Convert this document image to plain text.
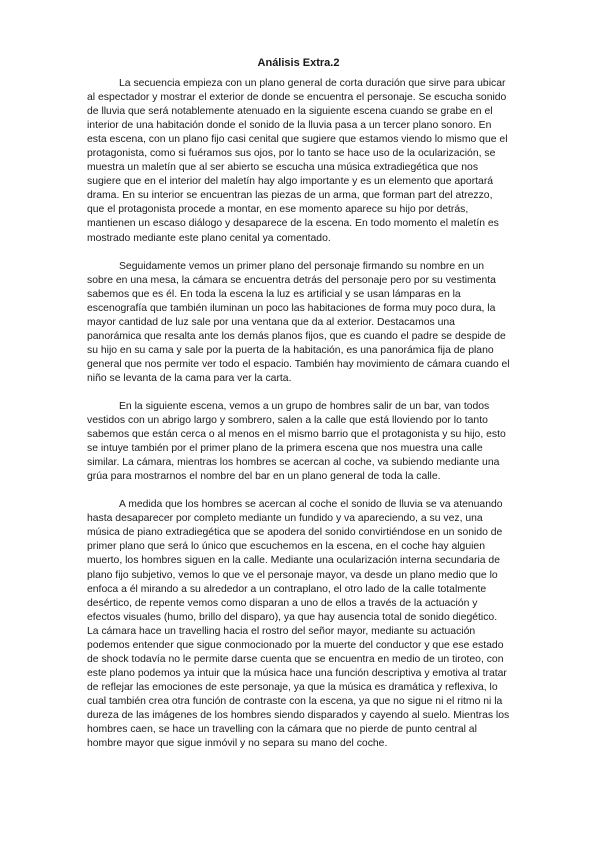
Análisis Extra.2
La secuencia empieza con un plano general de corta duración que sirve para ubicar al espectador y mostrar el exterior de donde se encuentra el personaje. Se escucha sonido de lluvia que será notablemente atenuado en la siguiente escena cuando se grabe en el interior de una habitación donde el sonido de la lluvia pasa a un tercer plano sonoro. En esta escena, con un plano fijo casi cenital que sugiere que estamos viendo lo mismo que el protagonista, como si fuéramos sus ojos, por lo tanto se hace uso de la ocularización, se muestra un maletín que al ser abierto se escucha una música extradiegética que nos sugiere que en el interior del maletín hay algo importante y es un elemento que aportará drama. En su interior se encuentran las piezas de un arma, que forman part del atrezzo, que el protagonista procede a montar, en ese momento aparece su hijo por detrás, mantienen un escaso diálogo y desaparece de la escena. En todo momento el maletín es mostrado mediante este plano cenital ya comentado.
Seguidamente vemos un primer plano del personaje firmando su nombre en un sobre en una mesa, la cámara se encuentra detrás del personaje pero por su vestimenta sabemos que es él. En toda la escena la luz es artificial y se usan lámparas en la escenografía que también iluminan un poco las habitaciones de forma muy poco dura, la mayor cantidad de luz sale por una ventana que da al exterior. Destacamos una panorámica que resalta ante los demás planos fijos, que es cuando el padre se despide de su hijo en su cama y sale por la puerta de la habitación, es una panorámica fija de plano general que nos permite ver todo el espacio. También hay movimiento de cámara cuando el niño se levanta de la cama para ver la carta.
En la siguiente escena, vemos a un grupo de hombres salir de un bar, van todos vestidos con un abrigo largo y sombrero, salen a la calle que está lloviendo por lo tanto sabemos que están cerca o al menos en el mismo barrio que el protagonista y su hijo, esto se intuye también por el primer plano de la primera escena que nos muestra una calle similar. La cámara, mientras los hombres se acercan al coche, va subiendo mediante una grúa para mostrarnos el nombre del bar en un plano general de toda la calle.
A medida que los hombres se acercan al coche el sonido de lluvia se va atenuando hasta desaparecer por completo mediante un fundido y va apareciendo, a su vez, una música de piano extradiegética que se apodera del sonido convirtiéndose en un sonido de primer plano que será lo único que escuchemos en la escena, en el coche hay alguien muerto, los hombres siguen en la calle. Mediante una ocularización interna secundaria de plano fijo subjetivo, vemos lo que ve el personaje mayor, va desde un plano medio que lo enfoca a él mirando a su alrededor a un contraplano, el otro lado de la calle totalmente desértico, de repente vemos como disparan a uno de ellos a través de la actuación y efectos visuales (humo, brillo del disparo), ya que hay ausencia total de sonido diegético. La cámara hace un travelling hacia el rostro del señor mayor, mediante su actuación podemos entender que sigue conmocionado por la muerte del conductor y que ese estado de shock todavía no le permite darse cuenta que se encuentra en medio de un tiroteo, con este plano podemos ya intuir que la música hace una función descriptiva y emotiva al tratar de reflejar las emociones de este personaje, ya que la música es dramática y reflexiva, lo cual también crea otra función de contraste con la escena, ya que no sigue ni el ritmo ni la dureza de las imágenes de los hombres siendo disparados y cayendo al suelo. Mientras los hombres caen, se hace un travelling con la cámara que no pierde de punto central al hombre mayor que sigue inmóvil y no separa su mano del coche.
